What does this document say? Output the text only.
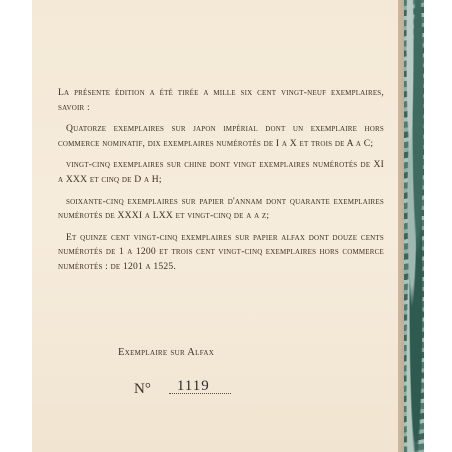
La présente édition a été tirée a mille six cent vingt-neuf exemplaires, savoir :

Quatorze exemplaires sur japon impérial dont un exemplaire hors commerce nominatif, dix exemplaires numérotés de I a X et trois de A a C;

vingt-cinq exemplaires sur chine dont vingt exemplaires numérotés de XI a XXX et cinq de D a H;

soixante-cinq exemplaires sur papier d'annam dont quarante exemplaires numérotés de XXXI a LXX et vingt-cinq de a a z;

Et quinze cent vingt-cinq exemplaires sur papier alfax dont douze cents numérotés de 1 a 1200 et trois cent vingt-cinq exemplaires hors commerce numérotés : de 1201 a 1525.

Exemplaire sur Alfax
N° 1119
